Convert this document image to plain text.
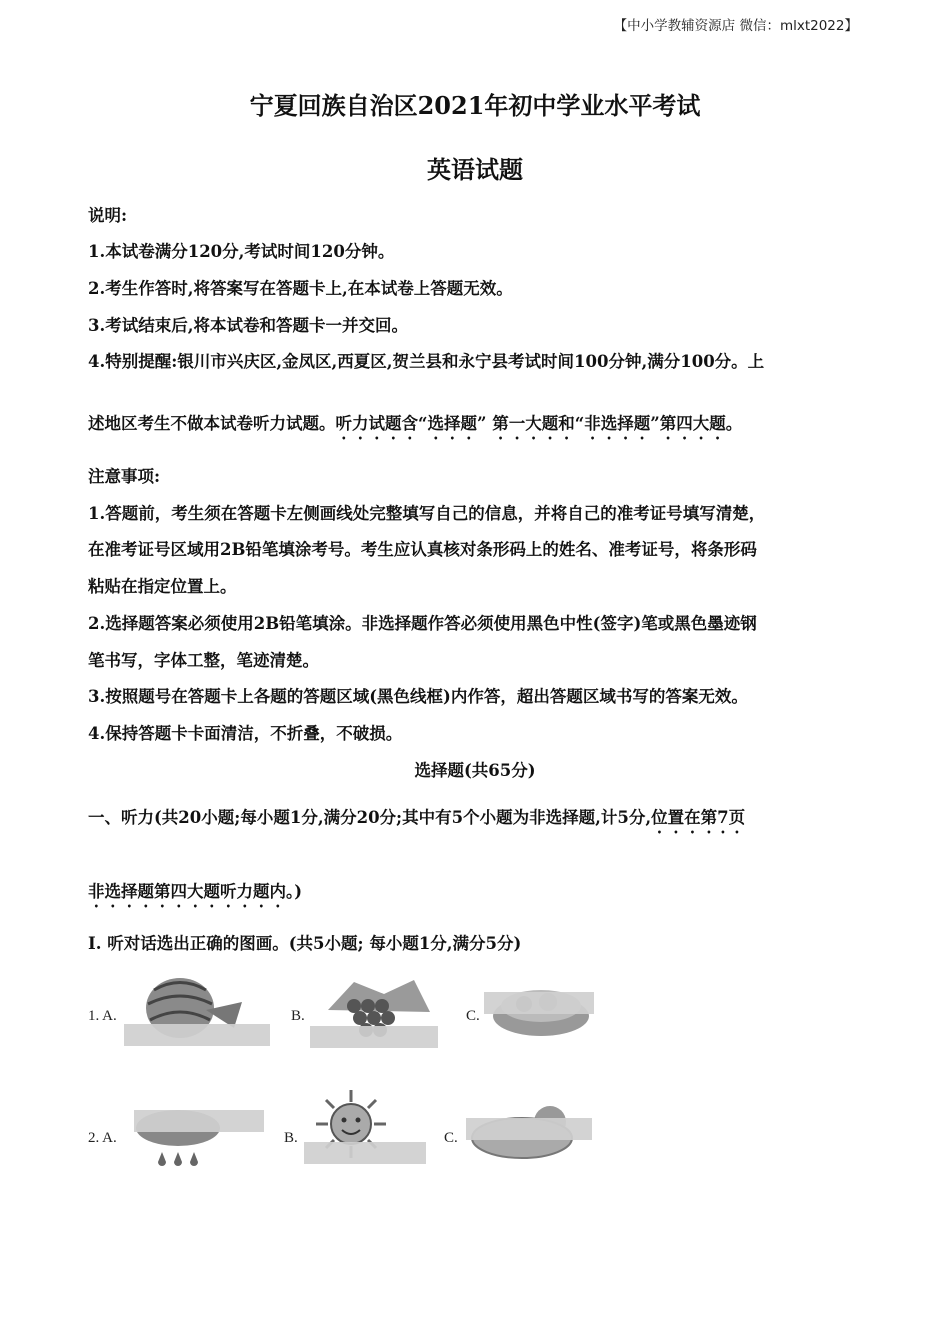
【中小学教辅资源店 微信：mlxt2022】
宁夏回族自治区2021年初中学业水平考试
英语试题
说明:
1.本试卷满分120分,考试时间120分钟。
2.考生作答时,将答案写在答题卡上,在本试卷上答题无效。
3.考试结束后,将本试卷和答题卡一并交回。
4.特别提醒:银川市兴庆区,金凤区,西夏区,贺兰县和永宁县考试时间100分钟,满分100分。上
述地区考生不做本试卷听力试题。听力试题含“选择题” 第一大题和“非选择题”第四大题。
注意事项:
1.答题前，考生须在答题卡左侧画线处完整填写自己的信息，并将自己的准考证号填写清楚，
在准考证号区域用2B铅笔填涂考号。考生应认真核对条形码上的姓名、准考证号，将条形码
粘贴在指定位置上。
2.选择题答案必须使用2B铅笔填涂。非选择题作答必须使用黑色中性(签字)笔或黑色墨迹钢
笔书写，字体工整，笔迹清楚。
3.按照题号在答题卡上各题的答题区域(黑色线框)内作答，超出答题区域书写的答案无效。
4.保持答题卡卡面清洁，不折叠，不破损。
选择题(共65分)
一、听力(共20小题;每小题1分,满分20分;其中有5个小题为非选择题,计5分,位置在第7页
非选择题第四大题听力题内。)
I. 听对话选出正确的图画。(共5小题; 每小题1分,满分5分)
1. A.	B.	C.
2. A.	B.	C.
